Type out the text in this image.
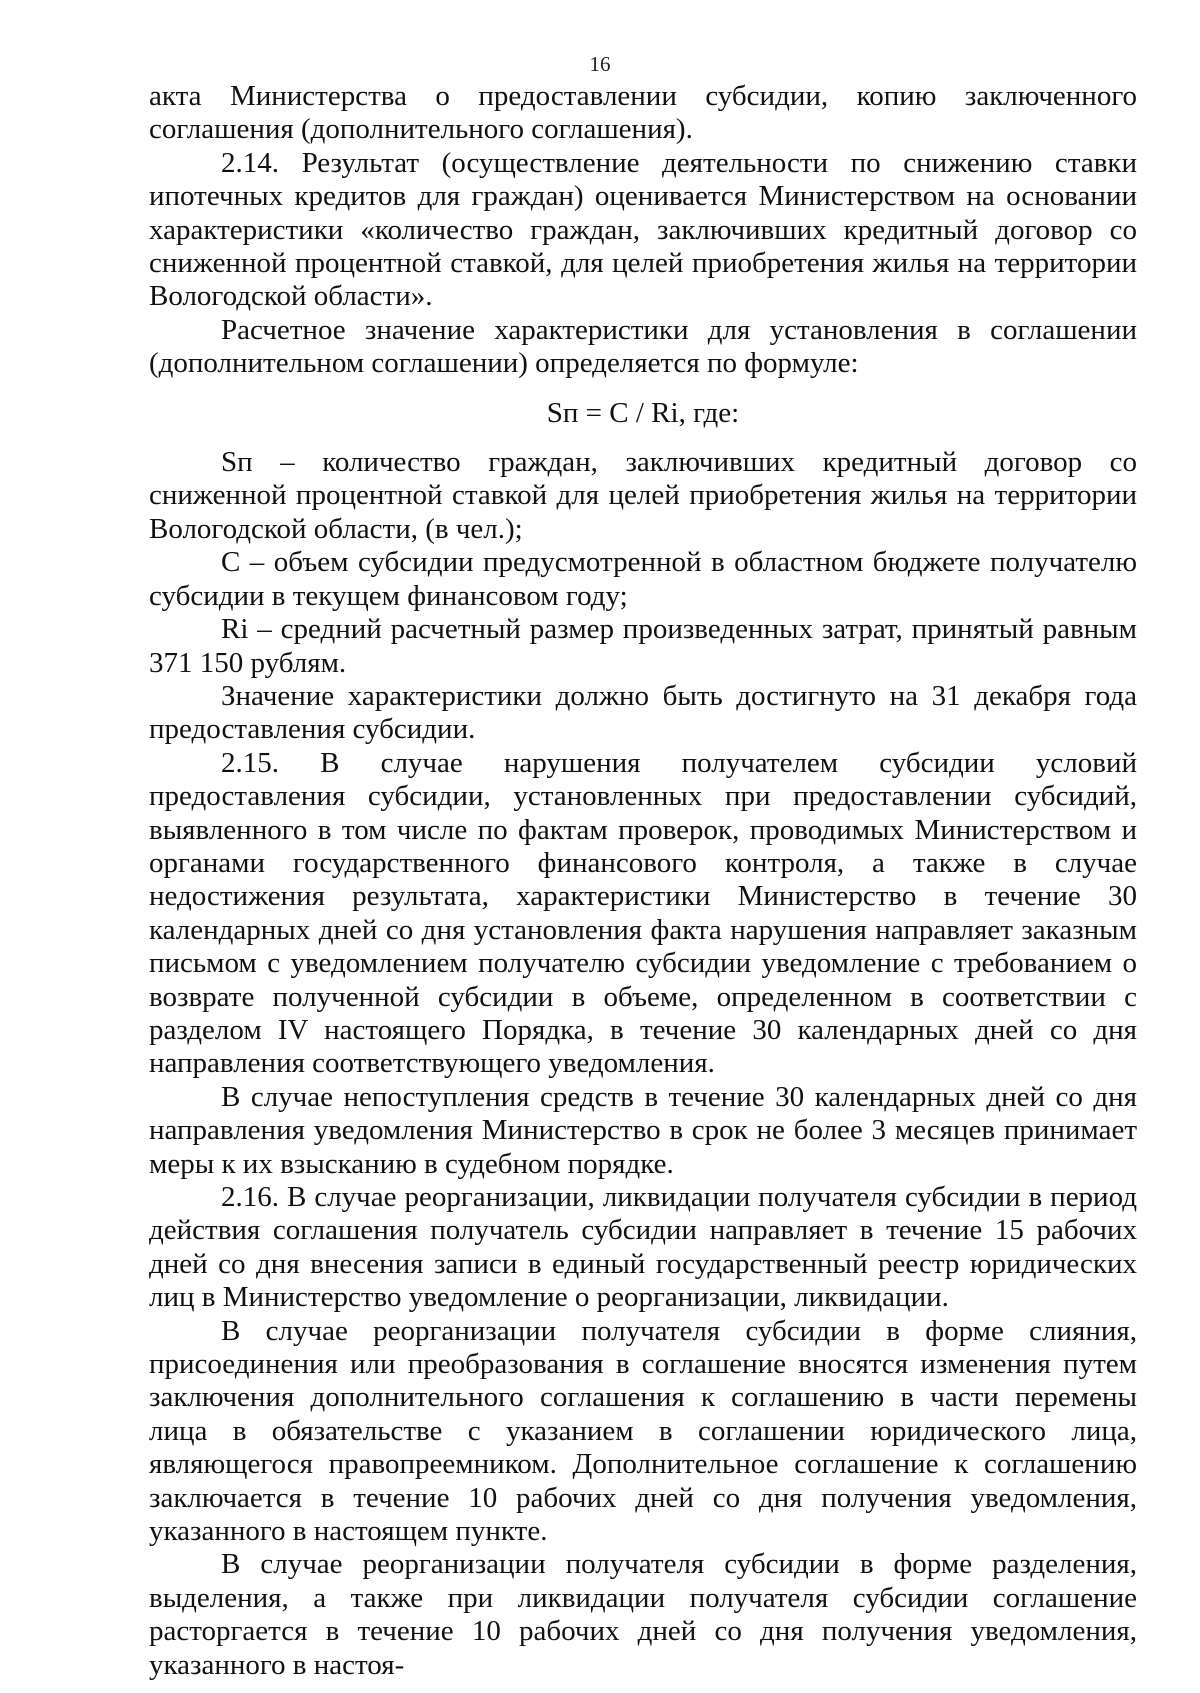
16

акта Министерства о предоставлении субсидии, копию заключенного соглашения (дополнительного соглашения).

2.14. Результат (осуществление деятельности по снижению ставки ипотечных кредитов для граждан) оценивается Министерством на основании характеристики «количество граждан, заключивших кредитный договор со сниженной процентной ставкой, для целей приобретения жилья на территории Вологодской области».

Расчетное значение характеристики для установления в соглашении (дополнительном соглашении) определяется по формуле:

Sп = C / Ri, где:

Sп – количество граждан, заключивших кредитный договор со сниженной процентной ставкой для целей приобретения жилья на территории Вологодской области, (в чел.);

С – объем субсидии предусмотренной в областном бюджете получателю субсидии в текущем финансовом году;

Ri – средний расчетный размер произведенных затрат, принятый равным 371 150 рублям.

Значение характеристики должно быть достигнуто на 31 декабря года предоставления субсидии.

2.15. В случае нарушения получателем субсидии условий предоставления субсидии, установленных при предоставлении субсидий, выявленного в том числе по фактам проверок, проводимых Министерством и органами государственного финансового контроля, а также в случае недостижения результата, характеристики Министерство в течение 30 календарных дней со дня установления факта нарушения направляет заказным письмом с уведомлением получателю субсидии уведомление с требованием о возврате полученной субсидии в объеме, определенном в соответствии с разделом IV настоящего Порядка, в течение 30 календарных дней со дня направления соответствующего уведомления.

В случае непоступления средств в течение 30 календарных дней со дня направления уведомления Министерство в срок не более 3 месяцев принимает меры к их взысканию в судебном порядке.

2.16. В случае реорганизации, ликвидации получателя субсидии в период действия соглашения получатель субсидии направляет в течение 15 рабочих дней со дня внесения записи в единый государственный реестр юридических лиц в Министерство уведомление о реорганизации, ликвидации.

В случае реорганизации получателя субсидии в форме слияния, присоединения или преобразования в соглашение вносятся изменения путем заключения дополнительного соглашения к соглашению в части перемены лица в обязательстве с указанием в соглашении юридического лица, являющегося правопреемником. Дополнительное соглашение к соглашению заключается в течение 10 рабочих дней со дня получения уведомления, указанного в настоящем пункте.

В случае реорганизации получателя субсидии в форме разделения, выделения, а также при ликвидации получателя субсидии соглашение расторгается в течение 10 рабочих дней со дня получения уведомления, указанного в настоя-
